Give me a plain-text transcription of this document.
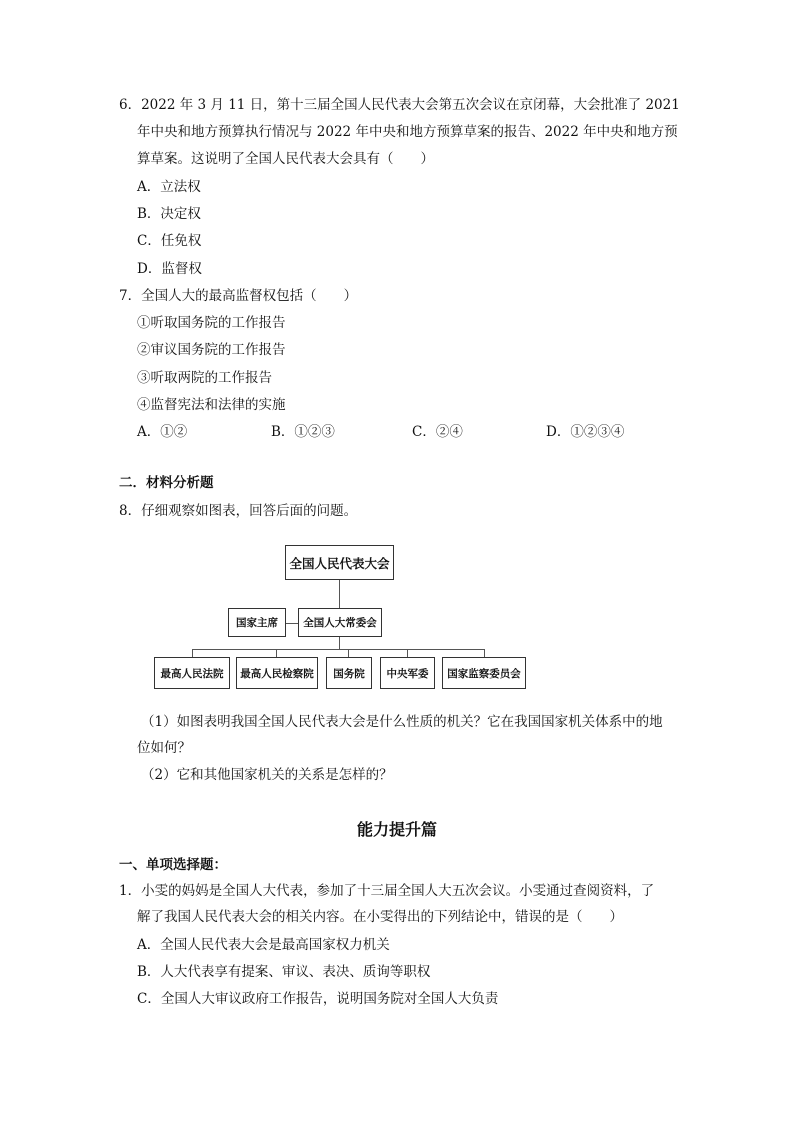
6．2022 年 3 月 11 日，第十三届全国人民代表大会第五次会议在京闭幕，大会批准了 2021
年中央和地方预算执行情况与 2022 年中央和地方预算草案的报告、2022 年中央和地方预
算草案。这说明了全国人民代表大会具有（　　）
A．立法权
B．决定权
C．任免权
D．监督权
7．全国人大的最高监督权包括（　　）
①听取国务院的工作报告
②审议国务院的工作报告
③听取两院的工作报告
④监督宪法和法律的实施
A．①②	B．①②③	C．②④	D．①②③④
二．材料分析题
8．仔细观察如图表，回答后面的问题。
全国人民代表大会
国家主席	全国人大常委会
最高人民法院	最高人民检察院	国务院	中央军委	国家监察委员会
（1）如图表明我国全国人民代表大会是什么性质的机关？它在我国国家机关体系中的地
位如何？
（2）它和其他国家机关的关系是怎样的？
能力提升篇
一、单项选择题：
1．小雯的妈妈是全国人大代表，参加了十三届全国人大五次会议。小雯通过查阅资料，了
解了我国人民代表大会的相关内容。在小雯得出的下列结论中，错误的是（　　）
A．全国人民代表大会是最高国家权力机关
B．人大代表享有提案、审议、表决、质询等职权
C．全国人大审议政府工作报告，说明国务院对全国人大负责
